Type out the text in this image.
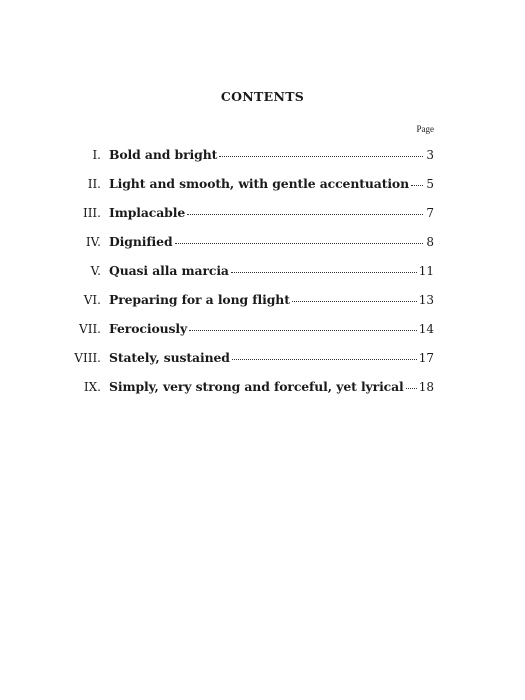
CONTENTS
Page
I. Bold and bright	3
II. Light and smooth, with gentle accentuation 5
III. Implacable	7
IV. Dignified	8
V. Quasi alla marcia	11
VI. Preparing for a long flight	13
VII. Ferociously	14
VIII. Stately, sustained	17
IX. Simply, very strong and forceful, yet lyrical 18
